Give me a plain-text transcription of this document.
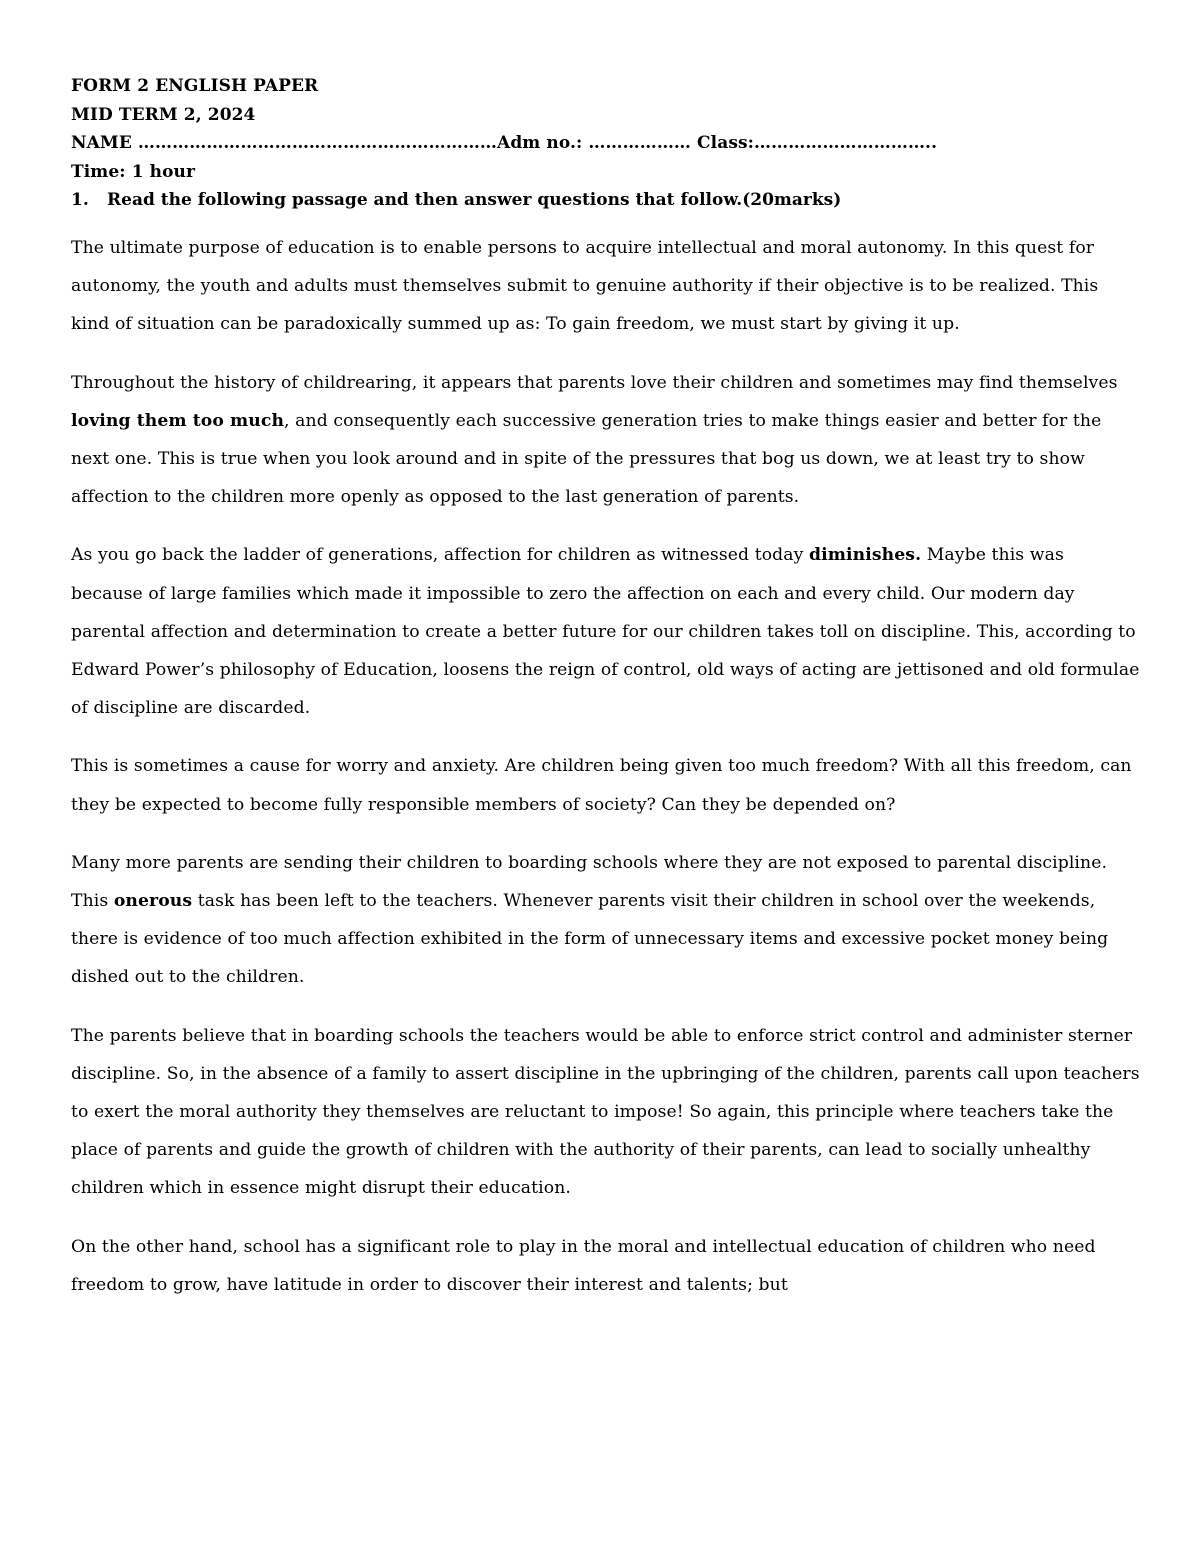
FORM 2 ENGLISH PAPER
MID TERM 2, 2024
NAME ………………………………………………………Adm no.: ……………… Class:…………………………..
Time: 1 hour
1.	Read the following passage and then answer questions that follow.(20marks)

The ultimate purpose of education is to enable persons to acquire intellectual and moral autonomy. In this quest for autonomy, the youth and adults must themselves submit to genuine authority if their objective is to be realized. This kind of situation can be paradoxically summed up as: To gain freedom, we must start by giving it up.

Throughout the history of childrearing, it appears that parents love their children and sometimes may find themselves loving them too much, and consequently each successive generation tries to make things easier and better for the next one. This is true when you look around and in spite of the pressures that bog us down, we at least try to show affection to the children more openly as opposed to the last generation of parents.

As you go back the ladder of generations, affection for children as witnessed today diminishes. Maybe this was because of large families which made it impossible to zero the affection on each and every child. Our modern day parental affection and determination to create a better future for our children takes toll on discipline. This, according to Edward Power’s philosophy of Education, loosens the reign of control, old ways of acting are jettisoned and old formulae of discipline are discarded.

This is sometimes a cause for worry and anxiety. Are children being given too much freedom? With all this freedom, can they be expected to become fully responsible members of society? Can they be depended on?

Many more parents are sending their children to boarding schools where they are not exposed to parental discipline. This onerous task has been left to the teachers. Whenever parents visit their children in school over the weekends, there is evidence of too much affection exhibited in the form of unnecessary items and excessive pocket money being dished out to the children.

The parents believe that in boarding schools the teachers would be able to enforce strict control and administer sterner discipline. So, in the absence of a family to assert discipline in the upbringing of the children, parents call upon teachers to exert the moral authority they themselves are reluctant to impose! So again, this principle where teachers take the place of parents and guide the growth of children with the authority of their parents, can lead to socially unhealthy children which in essence might disrupt their education.

On the other hand, school has a significant role to play in the moral and intellectual education of children who need freedom to grow, have latitude in order to discover their interest and talents; but
